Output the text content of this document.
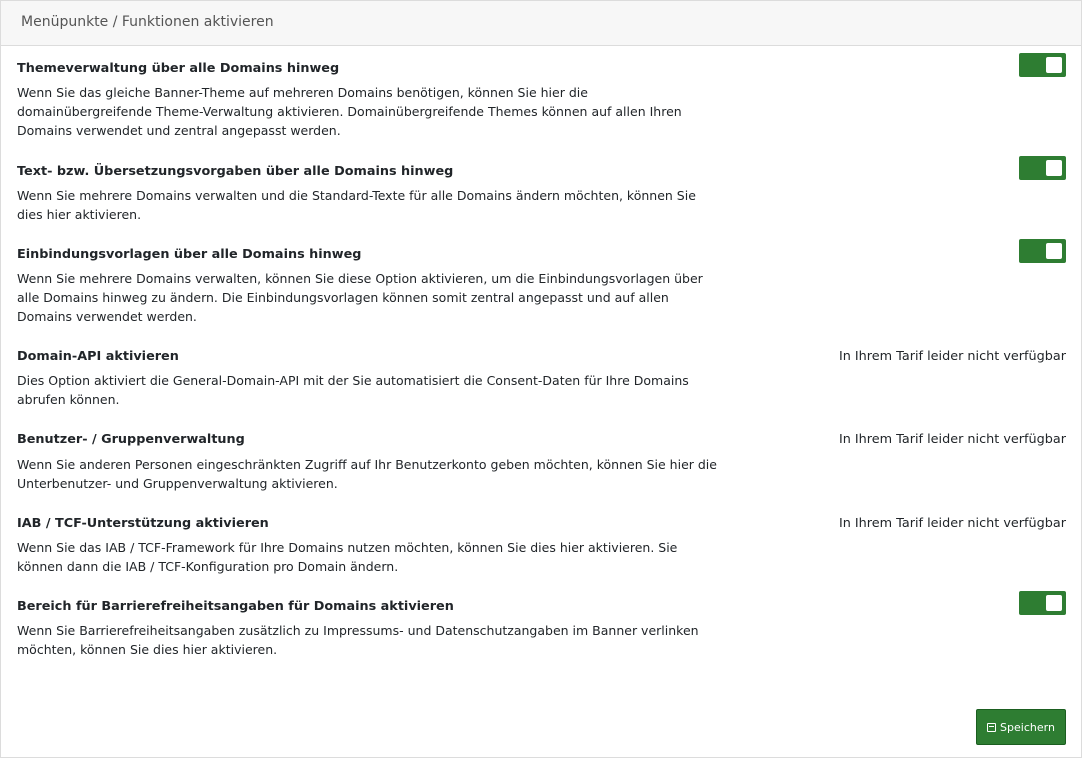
Menüpunkte / Funktionen aktivieren
Themeverwaltung über alle Domains hinweg
Wenn Sie das gleiche Banner-Theme auf mehreren Domains benötigen, können Sie hier die
domainübergreifende Theme-Verwaltung aktivieren. Domainübergreifende Themes können auf allen Ihren
Domains verwendet und zentral angepasst werden.
Text- bzw. Übersetzungsvorgaben über alle Domains hinweg
Wenn Sie mehrere Domains verwalten und die Standard-Texte für alle Domains ändern möchten, können Sie
dies hier aktivieren.
Einbindungsvorlagen über alle Domains hinweg
Wenn Sie mehrere Domains verwalten, können Sie diese Option aktivieren, um die Einbindungsvorlagen über
alle Domains hinweg zu ändern. Die Einbindungsvorlagen können somit zentral angepasst und auf allen
Domains verwendet werden.
Domain-API aktivieren	In Ihrem Tarif leider nicht verfügbar
Dies Option aktiviert die General-Domain-API mit der Sie automatisiert die Consent-Daten für Ihre Domains
abrufen können.
Benutzer- / Gruppenverwaltung	In Ihrem Tarif leider nicht verfügbar
Wenn Sie anderen Personen eingeschränkten Zugriff auf Ihr Benutzerkonto geben möchten, können Sie hier die
Unterbenutzer- und Gruppenverwaltung aktivieren.
IAB / TCF-Unterstützung aktivieren	In Ihrem Tarif leider nicht verfügbar
Wenn Sie das IAB / TCF-Framework für Ihre Domains nutzen möchten, können Sie dies hier aktivieren. Sie
können dann die IAB / TCF-Konfiguration pro Domain ändern.
Bereich für Barrierefreiheitsangaben für Domains aktivieren
Wenn Sie Barrierefreiheitsangaben zusätzlich zu Impressums- und Datenschutzangaben im Banner verlinken
möchten, können Sie dies hier aktivieren.
Speichern
